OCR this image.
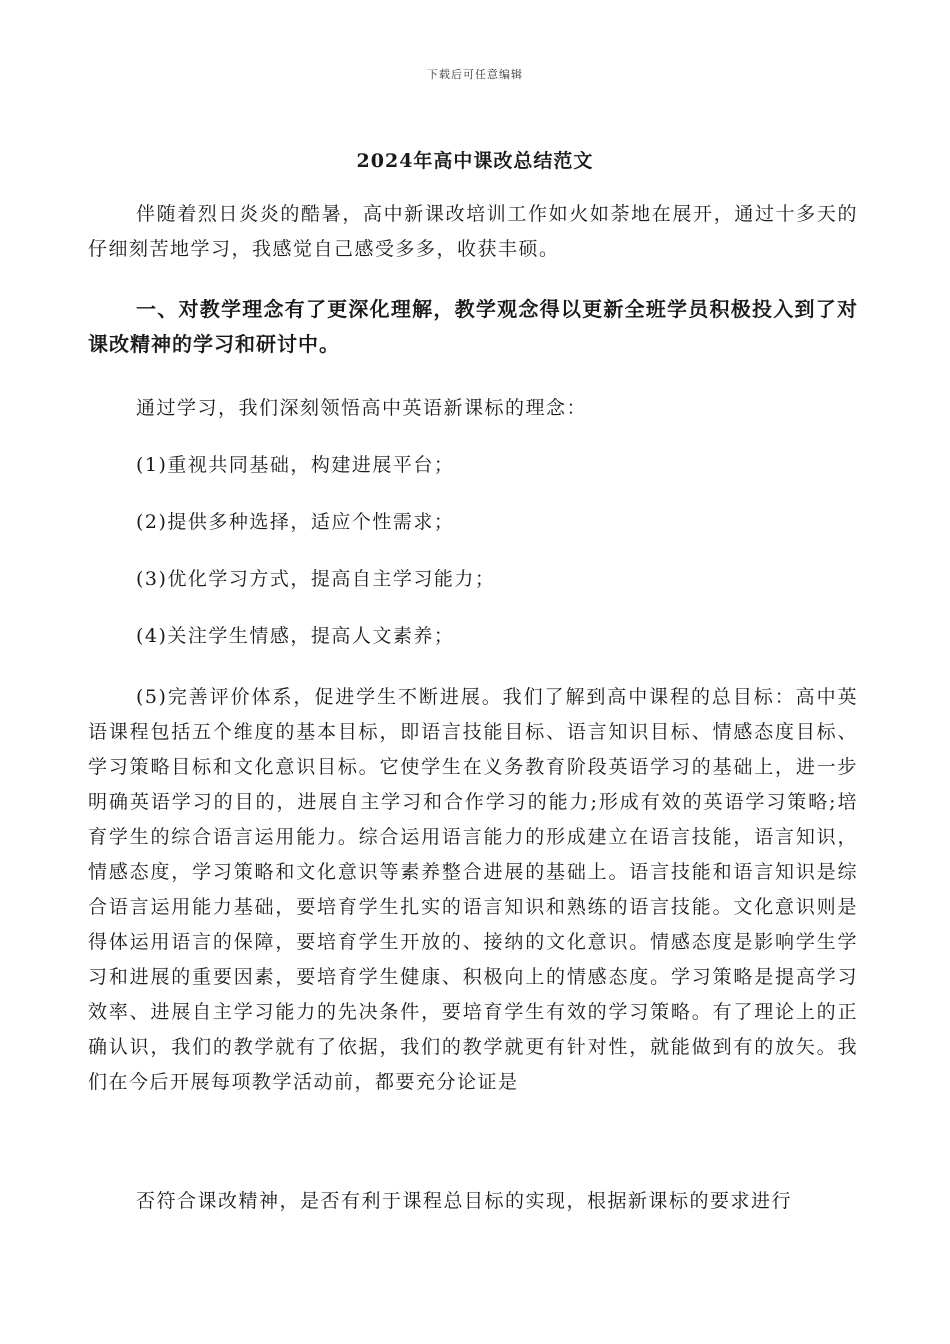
下载后可任意编辑
2024年高中课改总结范文

伴随着烈日炎炎的酷暑，高中新课改培训工作如火如荼地在展开，通过十多天的仔细刻苦地学习，我感觉自己感受多多，收获丰硕。

一、对教学理念有了更深化理解，教学观念得以更新全班学员积极投入到了对课改精神的学习和研讨中。

通过学习，我们深刻领悟高中英语新课标的理念：

(1)重视共同基础，构建进展平台；

(2)提供多种选择，适应个性需求；

(3)优化学习方式，提高自主学习能力；

(4)关注学生情感，提高人文素养；

(5)完善评价体系，促进学生不断进展。我们了解到高中课程的总目标：高中英语课程包括五个维度的基本目标，即语言技能目标、语言知识目标、情感态度目标、学习策略目标和文化意识目标。它使学生在义务教育阶段英语学习的基础上，进一步明确英语学习的目的，进展自主学习和合作学习的能力;形成有效的英语学习策略;培育学生的综合语言运用能力。综合运用语言能力的形成建立在语言技能，语言知识，情感态度，学习策略和文化意识等素养整合进展的基础上。语言技能和语言知识是综合语言运用能力基础，要培育学生扎实的语言知识和熟练的语言技能。文化意识则是得体运用语言的保障，要培育学生开放的、接纳的文化意识。情感态度是影响学生学习和进展的重要因素，要培育学生健康、积极向上的情感态度。学习策略是提高学习效率、进展自主学习能力的先决条件，要培育学生有效的学习策略。有了理论上的正确认识，我们的教学就有了依据，我们的教学就更有针对性，就能做到有的放矢。我们在今后开展每项教学活动前，都要充分论证是

否符合课改精神，是否有利于课程总目标的实现，根据新课标的要求进行
